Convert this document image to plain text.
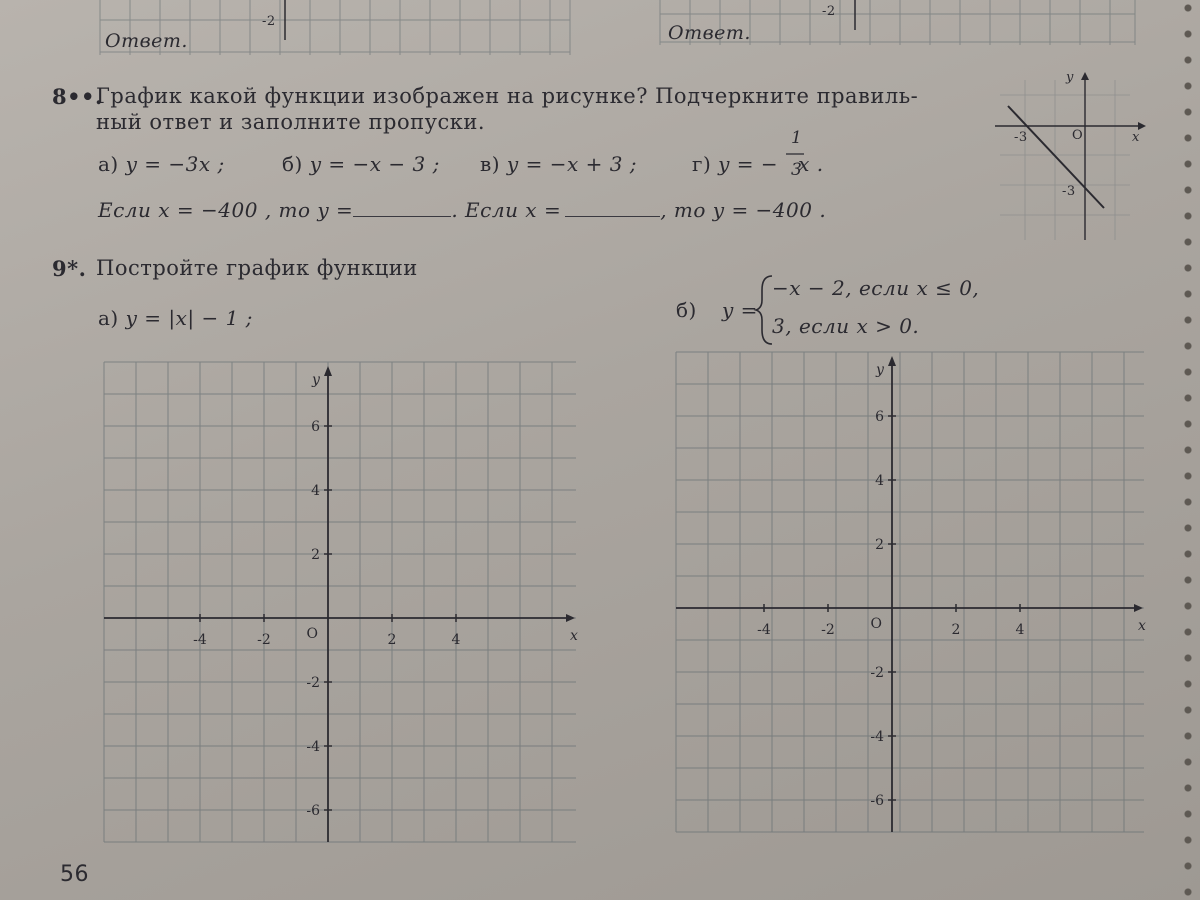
Ответ.	Ответ.
-2
-2
8••.
График какой функции изображен на рисунке? Подчеркните правиль-
ный ответ и заполните пропуски.
а) y = −3x ;	б) y = −x − 3 ; в) y = −x + 3 ;	г) y = − x .
1
3
Если x = −400 , то y =	. Если x =	, то y = −400 .
y
x
O
-3
-3
9*. Постройте график функции
а) y = |x| − 1 ;	б) y =
−x − 2, если x ≤ 0,
3, если x > 0.
-4	-2	2	4
6
4
2
-2
-4
-6
O	x
y
-4	-2	2	4
6
4
2
-2
-4
-6
O	x
y
56
